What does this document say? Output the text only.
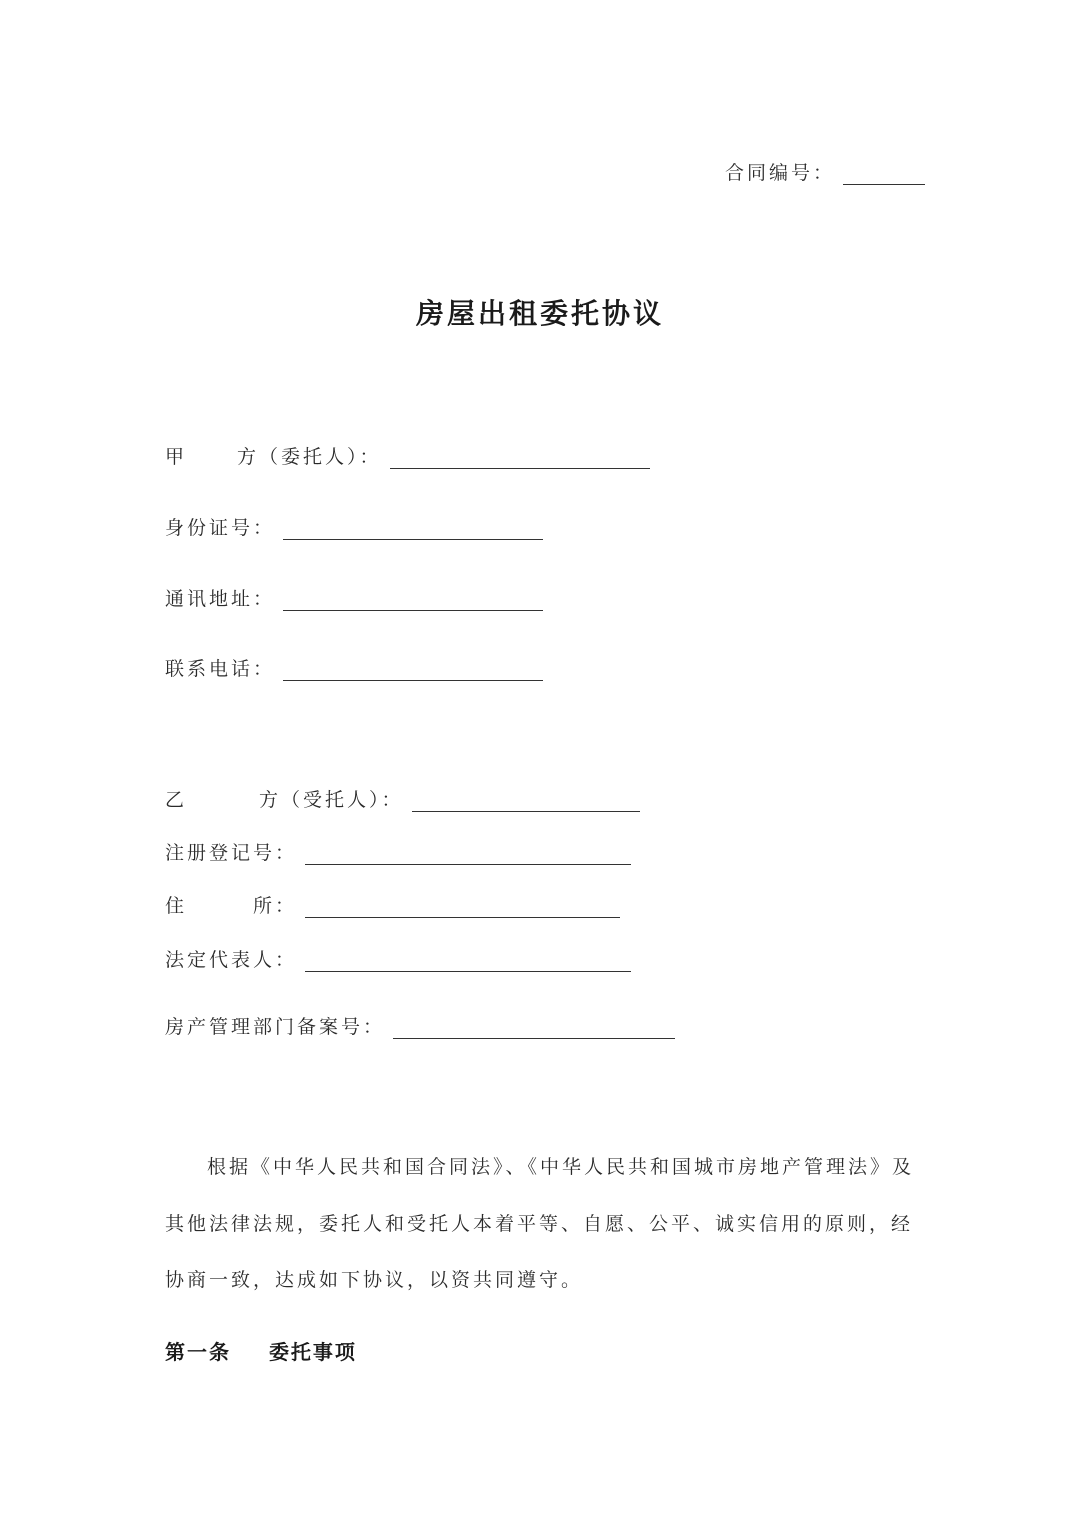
合同编号：
房屋出租委托协议
甲	方（委托人）：
身份证号：
通讯地址：
联系电话：
乙	方（受托人）：
注册登记号：
住	所：
法定代表人：
房产管理部门备案号：
根据《中华人民共和国合同法》、《中华人民共和国城市房地产管理法》及
其他法律法规，委托人和受托人本着平等、自愿、公平、诚实信用的原则，经
协商一致，达成如下协议，以资共同遵守。
第一条 委托事项
